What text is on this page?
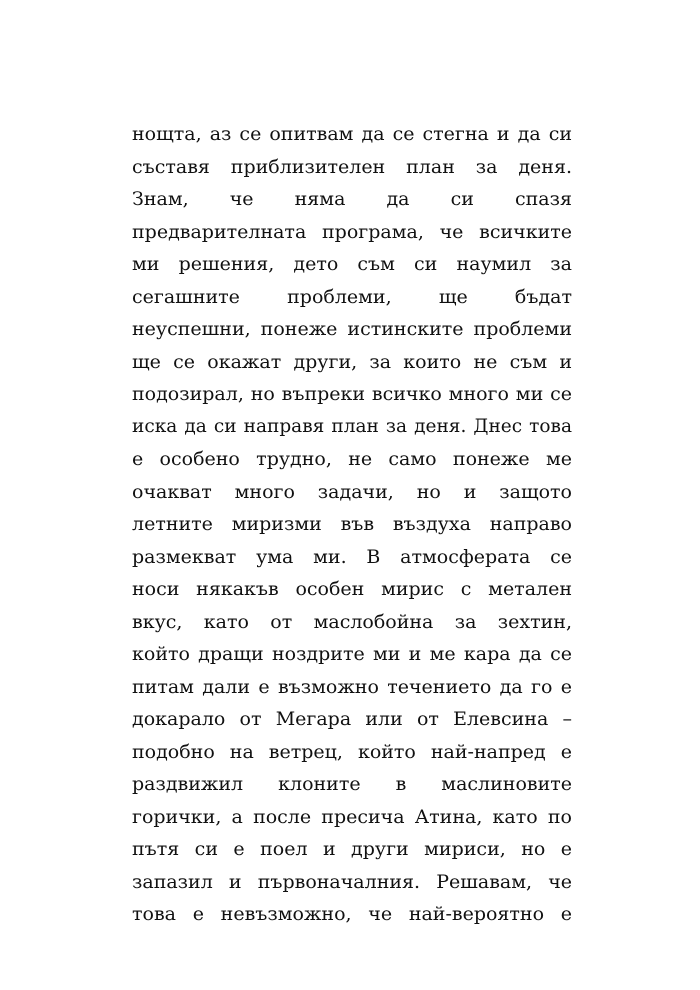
нощта, аз се опитвам да се стегна и да си
съставя приблизителен план за деня.
Знам, че няма да си спазя
предварителната програма, че всичките
ми решения, дето съм си наумил за
сегашните проблеми, ще бъдат
неуспешни, понеже истинските проблеми
ще се окажат други, за които не съм и
подозирал, но въпреки всичко много ми се
иска да си направя план за деня. Днес това
е особено трудно, не само понеже ме
очакват много задачи, но и защото
летните миризми във въздуха направо
размекват ума ми. В атмосферата се
носи някакъв особен мирис с метален
вкус, като от маслобойна за зехтин,
който дращи ноздрите ми и ме кара да се
питам дали е възможно течението да го е
докарало от Мегара или от Елевсина –
подобно на ветрец, който най-напред е
раздвижил клоните в маслиновите
горички, а после пресича Атина, като по
пътя си е поел и други мириси, но е
запазил и първоначалния. Решавам, че
това е невъзможно, че най-вероятно е
